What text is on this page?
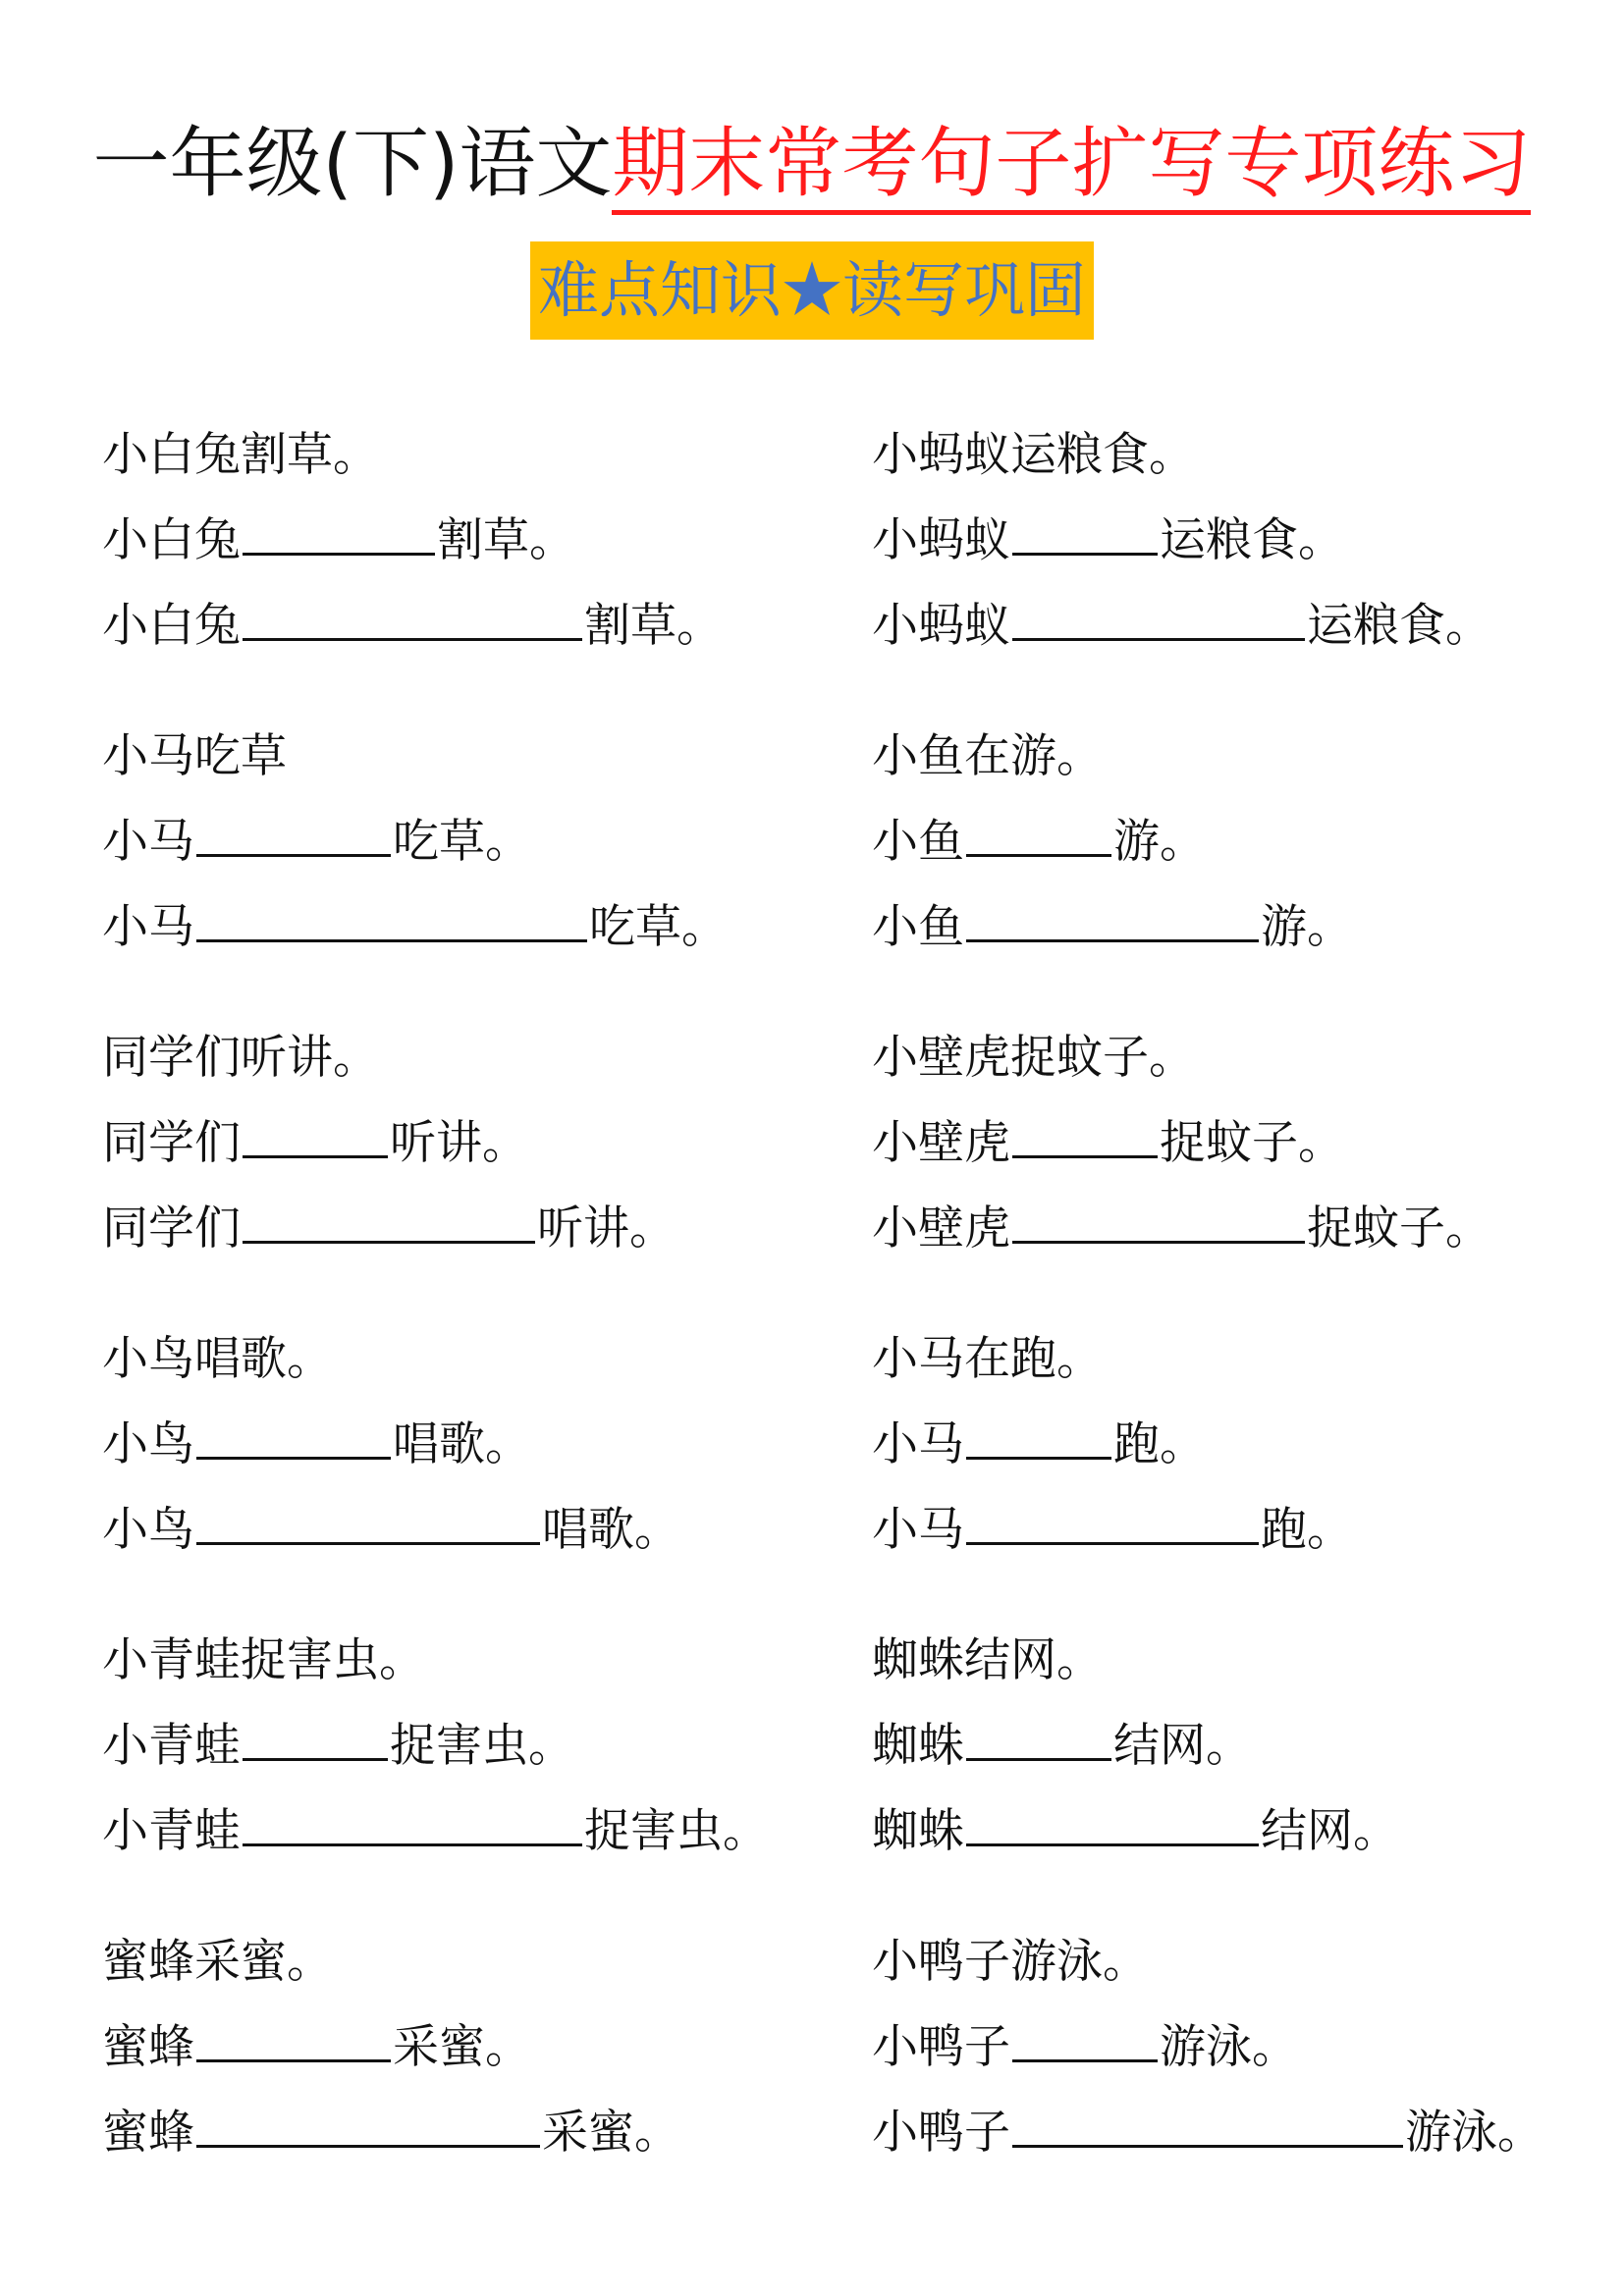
一年级(下)语文期末常考句子扩写专项练习
难点知识★读写巩固
小白兔割草。
小白兔	割草。
小白兔	割草。
小马吃草
小马	吃草。
小马	吃草。
同学们听讲。
同学们	听讲。
同学们	听讲。
小鸟唱歌。
小鸟	唱歌。
小鸟	唱歌。
小青蛙捉害虫。
小青蛙	捉害虫。
小青蛙	捉害虫。
蜜蜂采蜜。
蜜蜂	采蜜。
蜜蜂	采蜜。
小蚂蚁运粮食。
小蚂蚁	运粮食。
小蚂蚁	运粮食。
小鱼在游。
小鱼	游。
小鱼	游。
小壁虎捉蚊子。
小壁虎	捉蚊子。
小壁虎	捉蚊子。
小马在跑。
小马	跑。
小马	跑。
蜘蛛结网。
蜘蛛	结网。
蜘蛛	结网。
小鸭子游泳。
小鸭子	游泳。
小鸭子	游泳。
